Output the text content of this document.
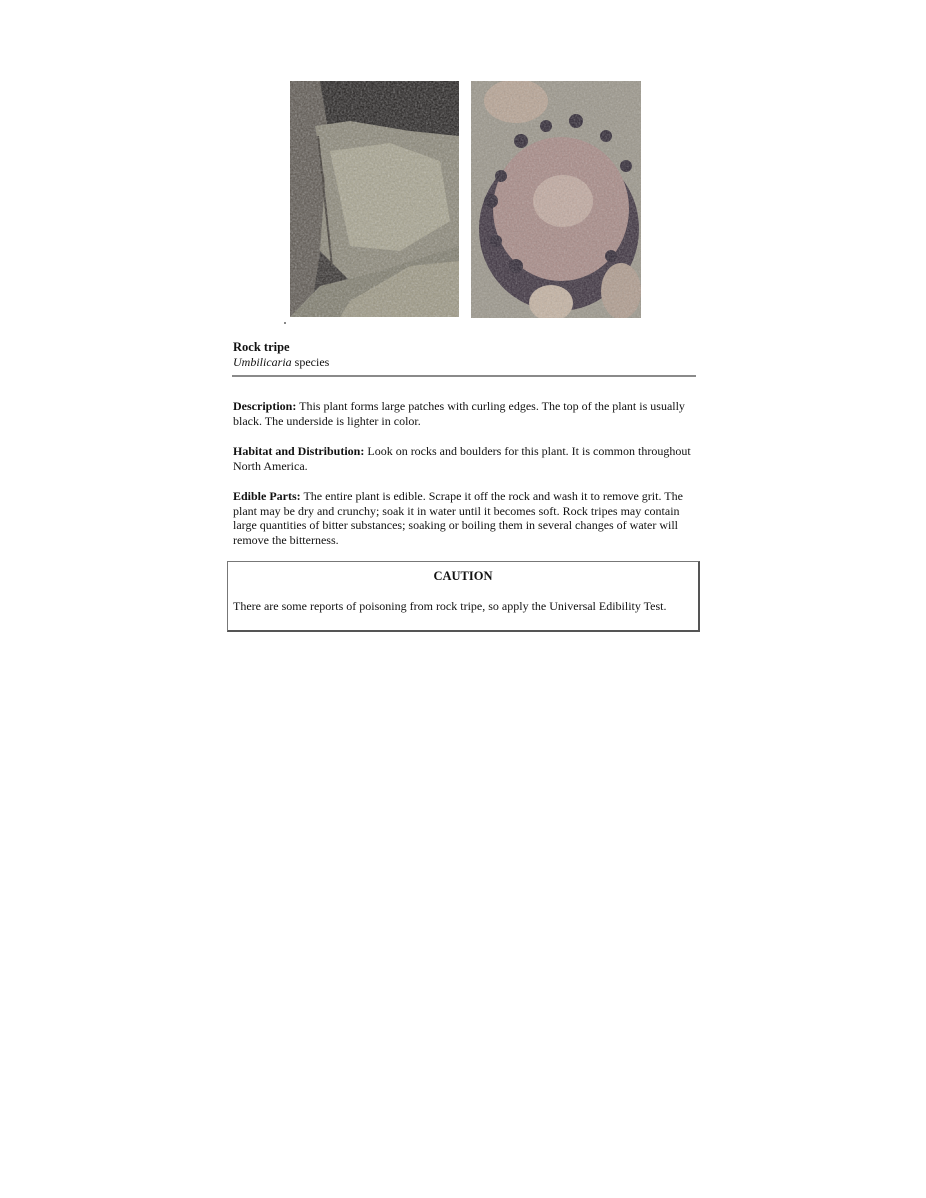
Rock tripe
Umbilicaria species

Description: This plant forms large patches with curling edges. The top of the plant is usually black. The underside is lighter in color.

Habitat and Distribution: Look on rocks and boulders for this plant. It is common throughout North America.

Edible Parts: The entire plant is edible. Scrape it off the rock and wash it to remove grit. The plant may be dry and crunchy; soak it in water until it becomes soft. Rock tripes may contain large quantities of bitter substances; soaking or boiling them in several changes of water will remove the bitterness.

CAUTION

There are some reports of poisoning from rock tripe, so apply the Universal Edibility Test.
